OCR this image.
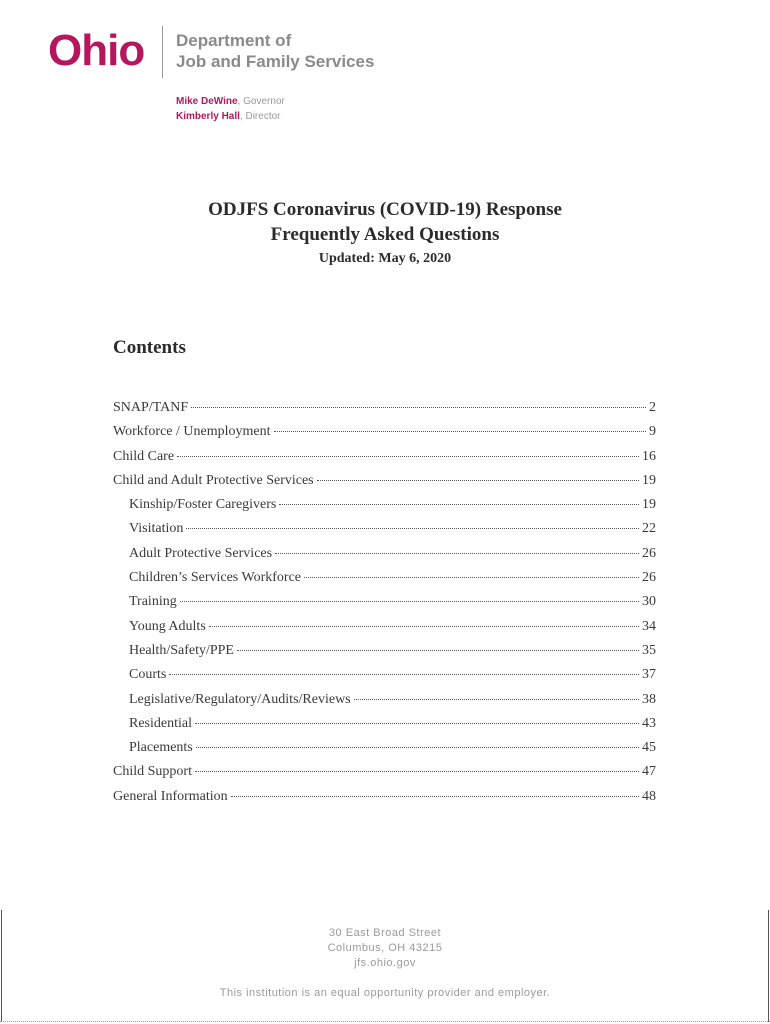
Ohio Department of
Job and Family Services
Mike DeWine, Governor
Kimberly Hall, Director
ODJFS Coronavirus (COVID-19) Response
Frequently Asked Questions
Updated: May 6, 2020
Contents
SNAP/TANF	2
Workforce / Unemployment	9
Child Care	16
Child and Adult Protective Services	19
Kinship/Foster Caregivers	19
Visitation	22
Adult Protective Services	26
Children’s Services Workforce	26
Training	30
Young Adults	34
Health/Safety/PPE	35
Courts	37
Legislative/Regulatory/Audits/Reviews	38
Residential	43
Placements	45
Child Support	47
General Information	48
30 East Broad Street
Columbus, OH 43215
jfs.ohio.gov
This institution is an equal opportunity provider and employer.
